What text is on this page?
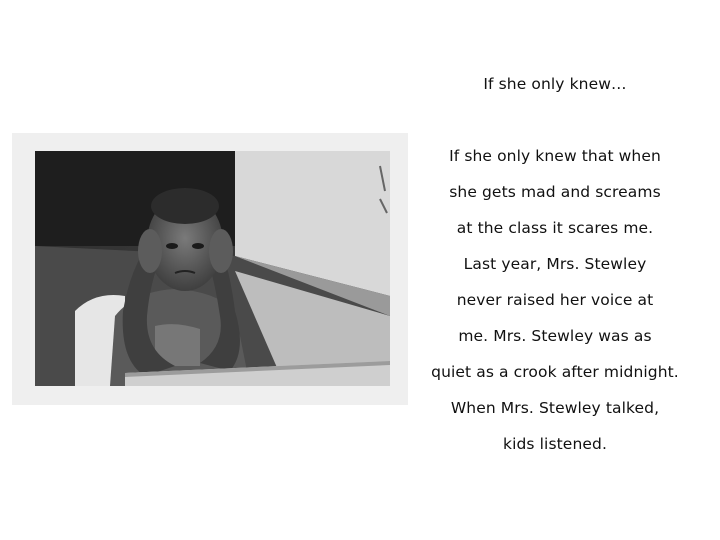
If she only knew…

If she only knew that when

she gets mad and screams

at the class it scares me.

Last year, Mrs. Stewley

never raised her voice at

me. Mrs. Stewley was as

quiet as a crook after midnight.

When Mrs. Stewley talked,

kids listened.
